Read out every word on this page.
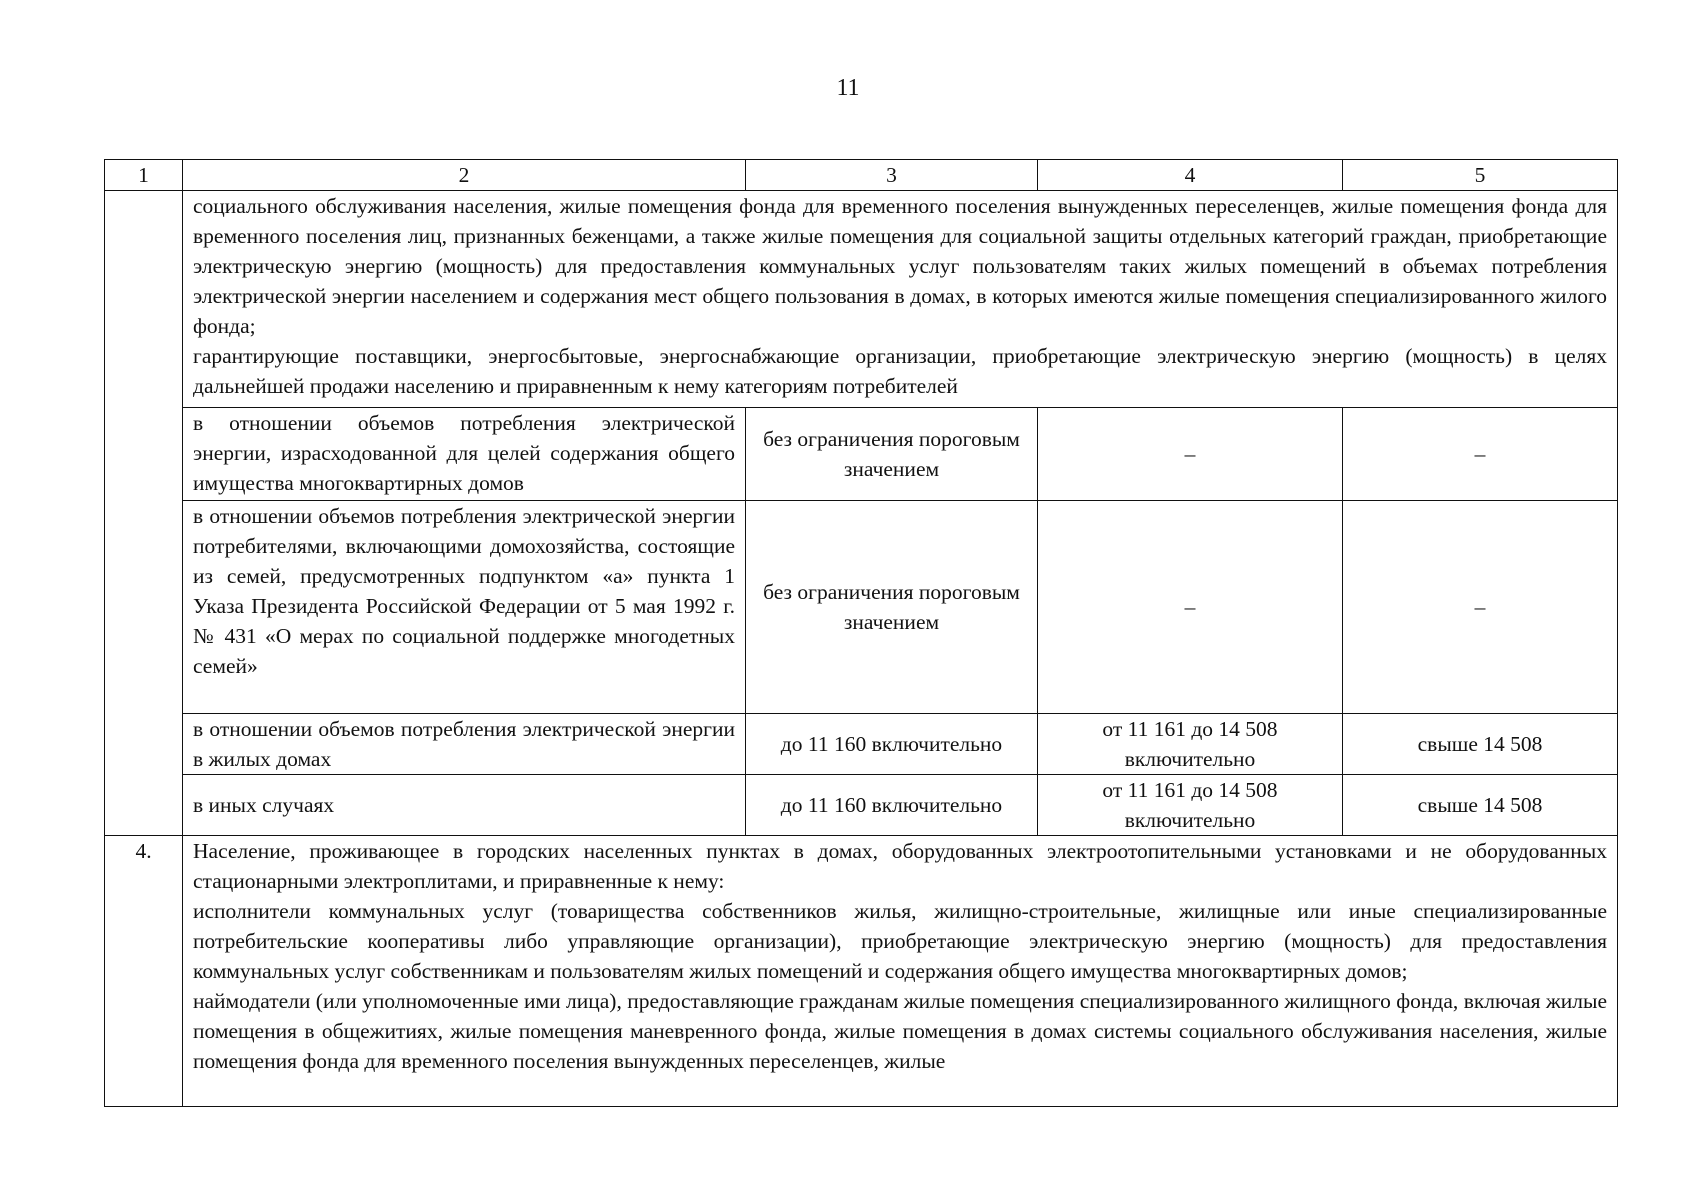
11
1	2	3	4	5

	социального обслуживания населения, жилые помещения фонда для временного поселения вынужденных переселенцев, жилые помещения фонда для временного поселения лиц, признанных беженцами, а также жилые помещения для социальной защиты отдельных категорий граждан, приобретающие электрическую энергию (мощность) для предоставления коммунальных услуг пользователям таких жилых помещений в объемах потребления электрической энергии населением и содержания мест общего пользования в домах, в которых имеются жилые помещения специализированного жилого фонда;
гарантирующие поставщики, энергосбытовые, энергоснабжающие организации, приобретающие электрическую энергию (мощность) в целях дальнейшей продажи населению и приравненным к нему категориям потребителей			

	в отношении объемов потребления электрической энергии, израсходованной для целей содержания общего имущества многоквартирных домов	без ограничения пороговым значением	–	–
	в отношении объемов потребления электрической энергии потребителями, включающими домохозяйства, состоящие из семей, предусмотренных подпунктом «а» пункта 1 Указа Президента Российской Федерации от 5 мая 1992 г. № 431 «О мерах по социальной поддержке многодетных семей»	без ограничения пороговым значением	–	–
	в отношении объемов потребления электрической энергии в жилых домах	до 11 160 включительно	от 11 161 до 14 508 включительно	свыше 14 508
	в иных случаях	до 11 160 включительно	от 11 161 до 14 508 включительно	свыше 14 508
4.	Население, проживающее в городских населенных пунктах в домах, оборудованных электроотопительными установками и не оборудованных стационарными электроплитами, и приравненные к нему:
исполнители коммунальных услуг (товарищества собственников жилья, жилищно-строительные, жилищные или иные специализированные потребительские кооперативы либо управляющие организации), приобретающие электрическую энергию (мощность) для предоставления коммунальных услуг собственникам и пользователям жилых помещений и содержания общего имущества многоквартирных домов;
наймодатели (или уполномоченные ими лица), предоставляющие гражданам жилые помещения специализированного жилищного фонда, включая жилые помещения в общежитиях, жилые помещения маневренного фонда, жилые помещения в домах системы социального обслуживания населения, жилые помещения фонда для временного поселения вынужденных переселенцев, жилые			
